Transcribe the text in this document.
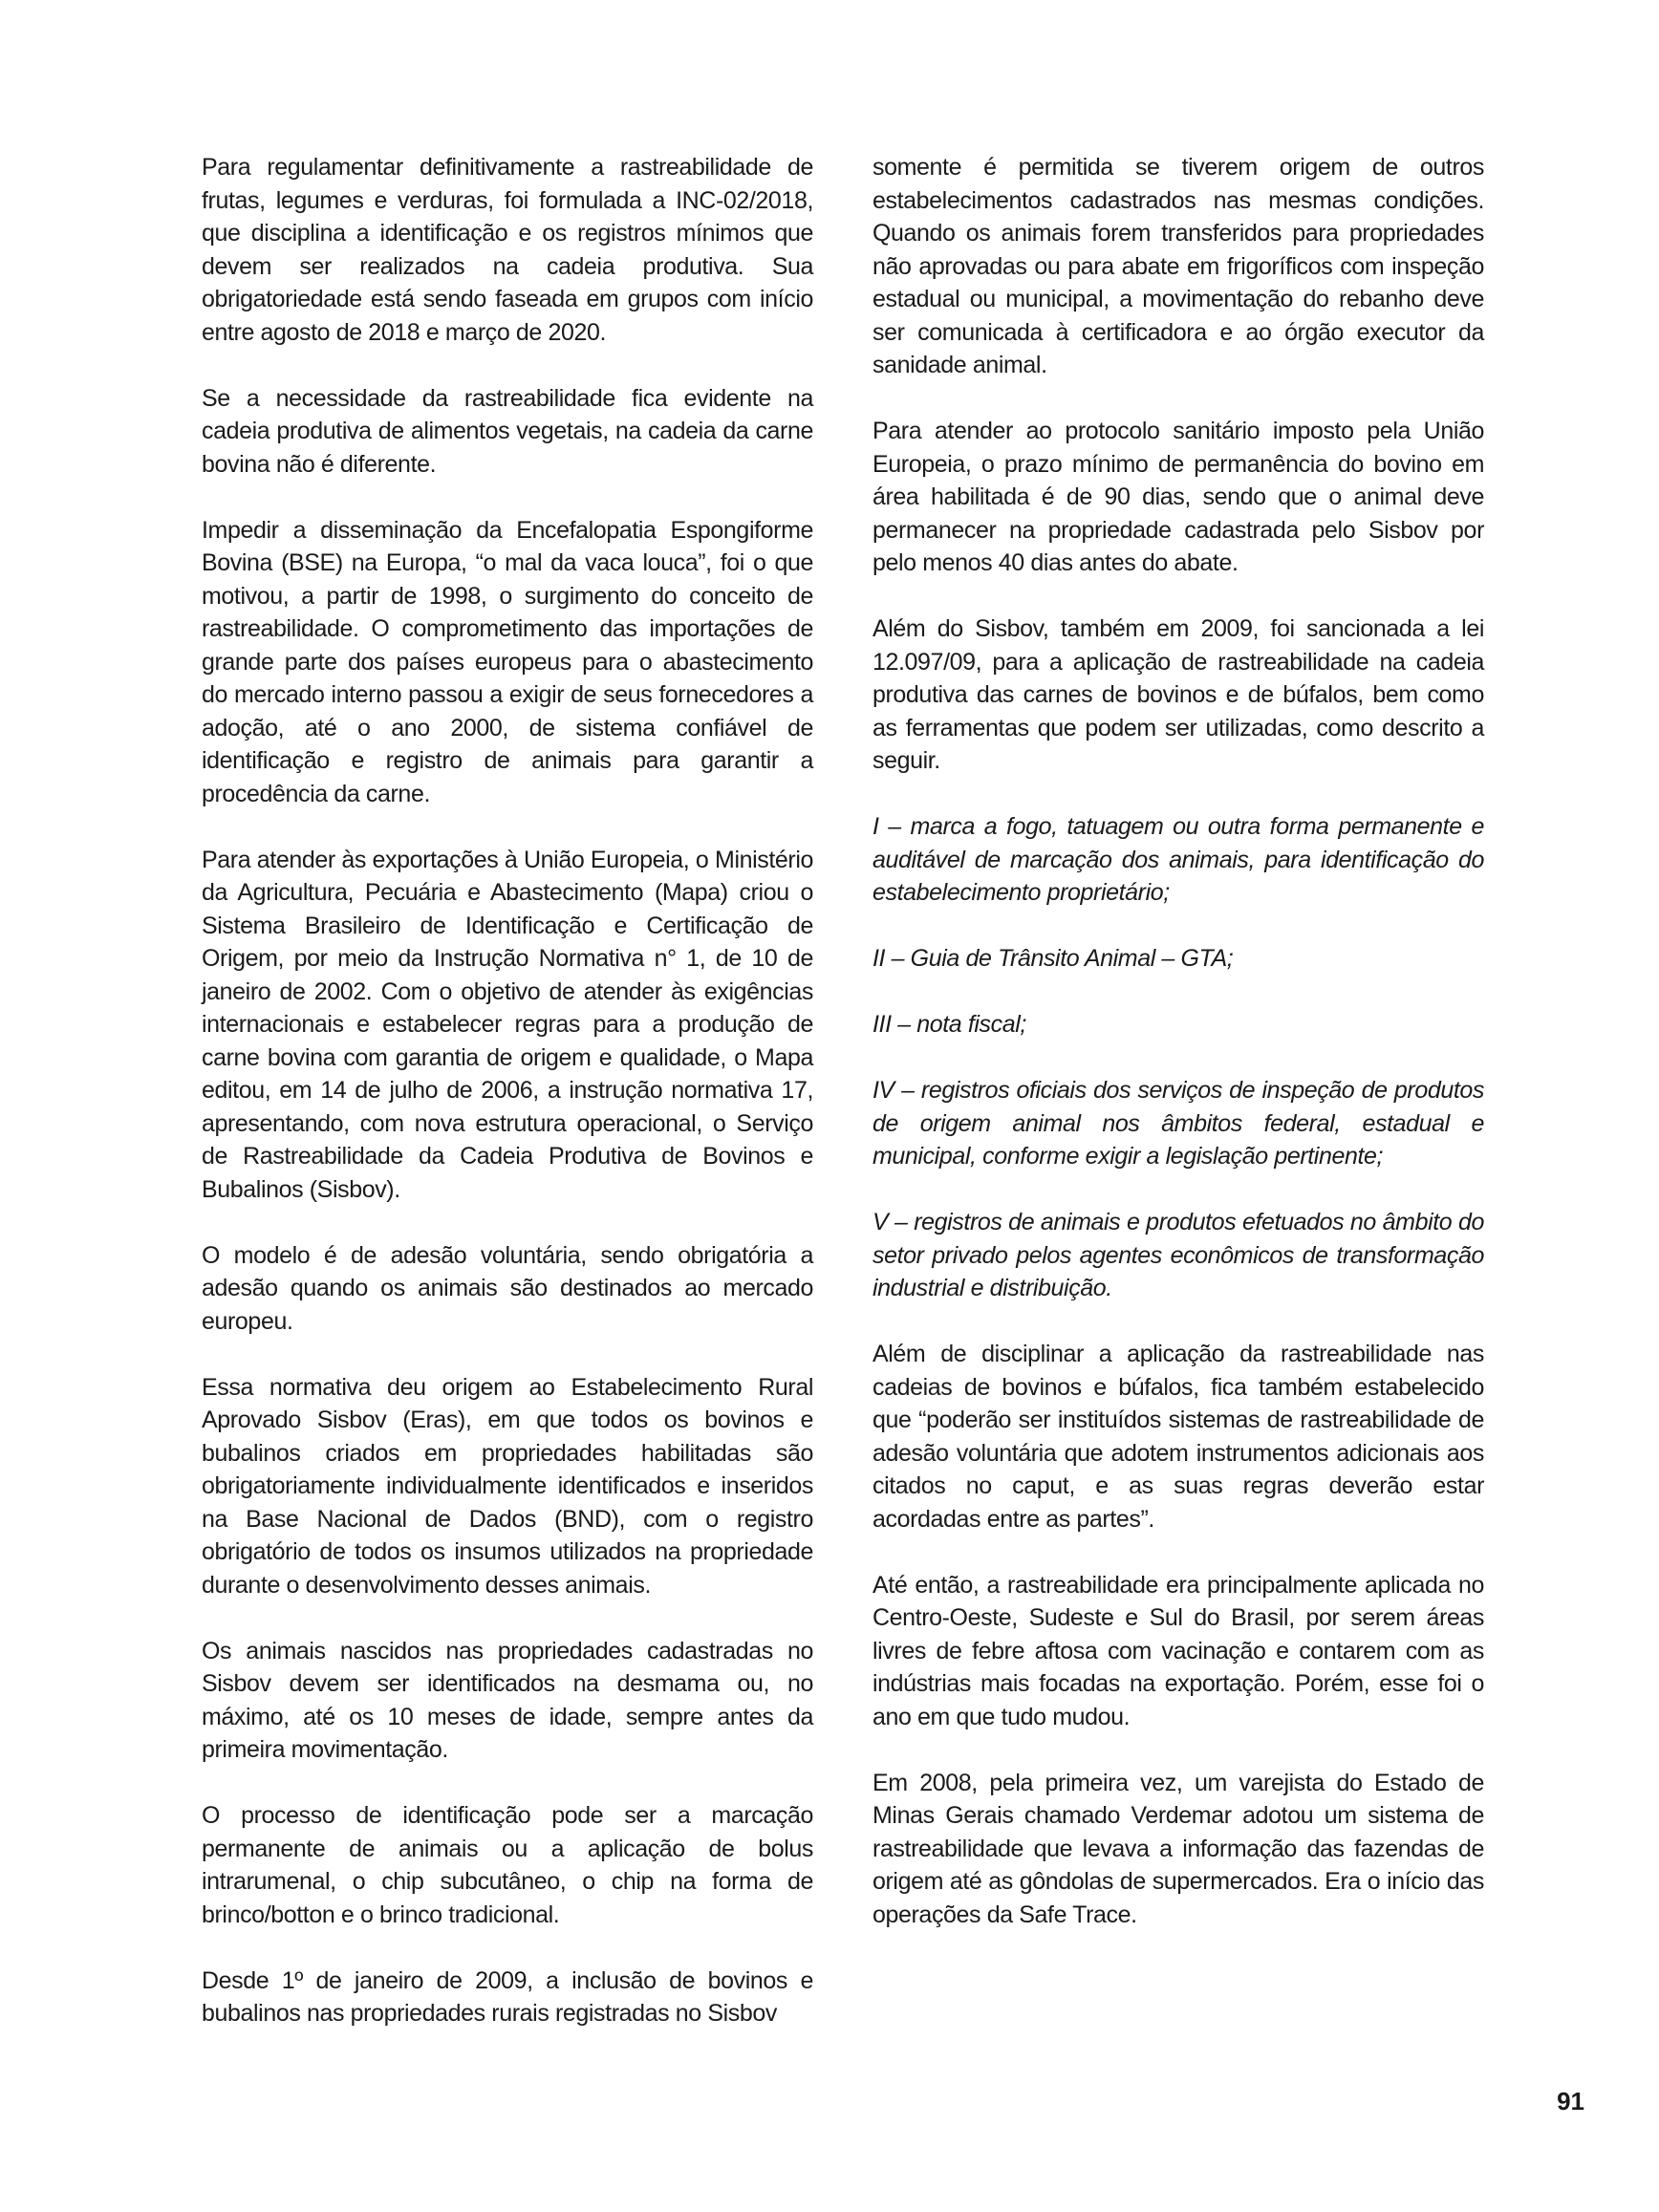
Para regulamentar definitivamente a rastreabilidade de frutas, legumes e verduras, foi formulada a INC-02/2018, que disciplina a identificação e os registros mínimos que devem ser realizados na cadeia produtiva. Sua obrigatoriedade está sendo faseada em grupos com início entre agosto de 2018 e março de 2020.

Se a necessidade da rastreabilidade fica evidente na cadeia produtiva de alimentos vegetais, na cadeia da carne bovina não é diferente.

Impedir a disseminação da Encefalopatia Espongiforme Bovina (BSE) na Europa, “o mal da vaca louca”, foi o que motivou, a partir de 1998, o surgimento do conceito de rastreabilidade. O comprometimento das importações de grande parte dos países europeus para o abastecimento do mercado interno passou a exigir de seus fornecedores a adoção, até o ano 2000, de sistema confiável de identificação e registro de animais para garantir a procedência da carne.

Para atender às exportações à União Europeia, o Ministério da Agricultura, Pecuária e Abastecimento (Mapa) criou o Sistema Brasileiro de Identificação e Certificação de Origem, por meio da Instrução Normativa n° 1, de 10 de janeiro de 2002. Com o objetivo de atender às exigências internacionais e estabelecer regras para a produção de carne bovina com garantia de origem e qualidade, o Mapa editou, em 14 de julho de 2006, a instrução normativa 17, apresentando, com nova estrutura operacional, o Serviço de Rastreabilidade da Cadeia Produtiva de Bovinos e Bubalinos (Sisbov).

O modelo é de adesão voluntária, sendo obrigatória a adesão quando os animais são destinados ao mercado europeu.

Essa normativa deu origem ao Estabelecimento Rural Aprovado Sisbov (Eras), em que todos os bovinos e bubalinos criados em propriedades habilitadas são obrigatoriamente individualmente identificados e inseridos na Base Nacional de Dados (BND), com o registro obrigatório de todos os insumos utilizados na propriedade durante o desenvolvimento desses animais.

Os animais nascidos nas propriedades cadastradas no Sisbov devem ser identificados na desmama ou, no máximo, até os 10 meses de idade, sempre antes da primeira movimentação.

O processo de identificação pode ser a marcação permanente de animais ou a aplicação de bolus intrarumenal, o chip subcutâneo, o chip na forma de brinco/botton e o brinco tradicional.

Desde 1º de janeiro de 2009, a inclusão de bovinos e bubalinos nas propriedades rurais registradas no Sisbov

somente é permitida se tiverem origem de outros estabelecimentos cadastrados nas mesmas condições. Quando os animais forem transferidos para propriedades não aprovadas ou para abate em frigoríficos com inspeção estadual ou municipal, a movimentação do rebanho deve ser comunicada à certificadora e ao órgão executor da sanidade animal.

Para atender ao protocolo sanitário imposto pela União Europeia, o prazo mínimo de permanência do bovino em área habilitada é de 90 dias, sendo que o animal deve permanecer na propriedade cadastrada pelo Sisbov por pelo menos 40 dias antes do abate.

Além do Sisbov, também em 2009, foi sancionada a lei 12.097/09, para a aplicação de rastreabilidade na cadeia produtiva das carnes de bovinos e de búfalos, bem como as ferramentas que podem ser utilizadas, como descrito a seguir.

I – marca a fogo, tatuagem ou outra forma permanente e auditável de marcação dos animais, para identificação do estabelecimento proprietário;

II – Guia de Trânsito Animal – GTA;

III – nota fiscal;

IV – registros oficiais dos serviços de inspeção de produtos de origem animal nos âmbitos federal, estadual e municipal, conforme exigir a legislação pertinente;

V – registros de animais e produtos efetuados no âmbito do setor privado pelos agentes econômicos de transformação industrial e distribuição.

Além de disciplinar a aplicação da rastreabilidade nas cadeias de bovinos e búfalos, fica também estabelecido que “poderão ser instituídos sistemas de rastreabilidade de adesão voluntária que adotem instrumentos adicionais aos citados no caput, e as suas regras deverão estar acordadas entre as partes”.

Até então, a rastreabilidade era principalmente aplicada no Centro-Oeste, Sudeste e Sul do Brasil, por serem áreas livres de febre aftosa com vacinação e contarem com as indústrias mais focadas na exportação. Porém, esse foi o ano em que tudo mudou.

Em 2008, pela primeira vez, um varejista do Estado de Minas Gerais chamado Verdemar adotou um sistema de rastreabilidade que levava a informação das fazendas de origem até as gôndolas de supermercados. Era o início das operações da Safe Trace.

91
